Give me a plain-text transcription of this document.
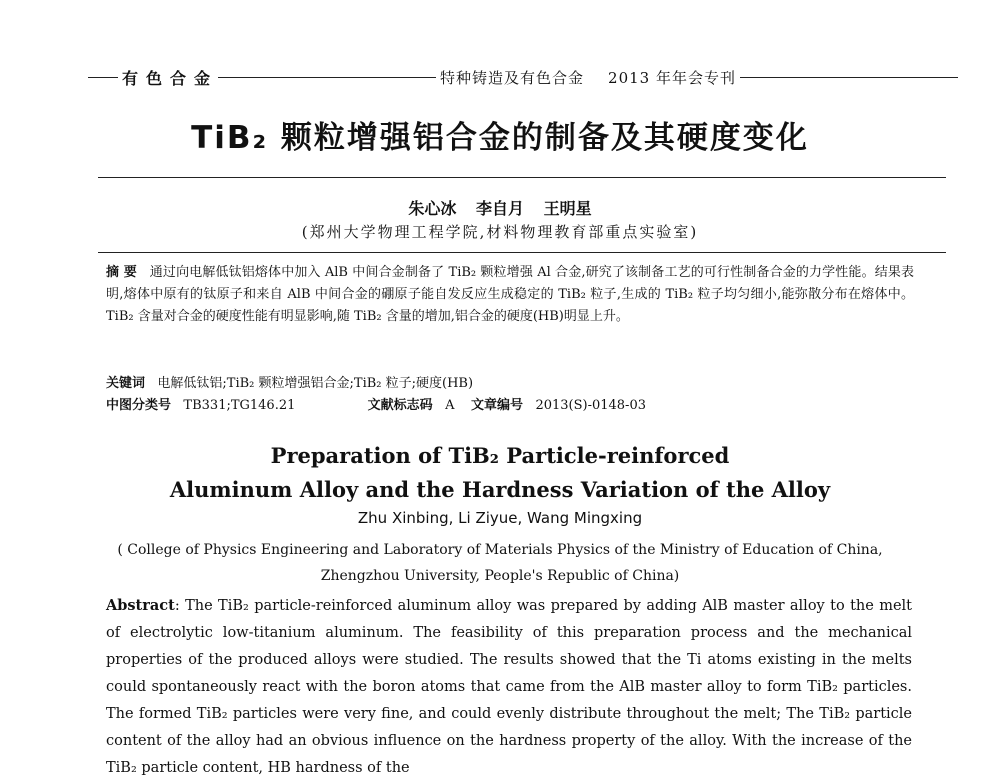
有色合金	特种铸造及有色合金 2013 年年会专刊
TiB₂ 颗粒增强铝合金的制备及其硬度变化
朱心冰 李自月 王明星
(郑州大学物理工程学院,材料物理教育部重点实验室)
摘 要 通过向电解低钛铝熔体中加入 AlB 中间合金制备了 TiB₂ 颗粒增强 Al 合金,研究了该制备工艺的可行性制备合金的力学性能。结果表明,熔体中原有的钛原子和来自 AlB 中间合金的硼原子能自发反应生成稳定的 TiB₂ 粒子,生成的 TiB₂ 粒子均匀细小,能弥散分布在熔体中。TiB₂ 含量对合金的硬度性能有明显影响,随 TiB₂ 含量的增加,铝合金的硬度(HB)明显上升。
关键词 电解低钛铝;TiB₂ 颗粒增强铝合金;TiB₂ 粒子;硬度(HB)
中图分类号 TB331;TG146.21	文献标志码 A 文章编号 2013(S)-0148-03
Preparation of TiB₂ Particle-reinforced
Aluminum Alloy and the Hardness Variation of the Alloy
Zhu Xinbing, Li Ziyue, Wang Mingxing
( College of Physics Engineering and Laboratory of Materials Physics of the Ministry of Education of China,
Zhengzhou University, People's Republic of China)
Abstract: The TiB₂ particle-reinforced aluminum alloy was prepared by adding AlB master alloy to the melt of electrolytic low-titanium aluminum. The feasibility of this preparation process and the mechanical properties of the produced alloys were studied. The results showed that the Ti atoms existing in the melts could spontaneously react with the boron atoms that came from the AlB master alloy to form TiB₂ particles. The formed TiB₂ particles were very fine, and could evenly distribute throughout the melt; The TiB₂ particle content of the alloy had an obvious influence on the hardness property of the alloy. With the increase of the TiB₂ particle content, HB hardness of the
